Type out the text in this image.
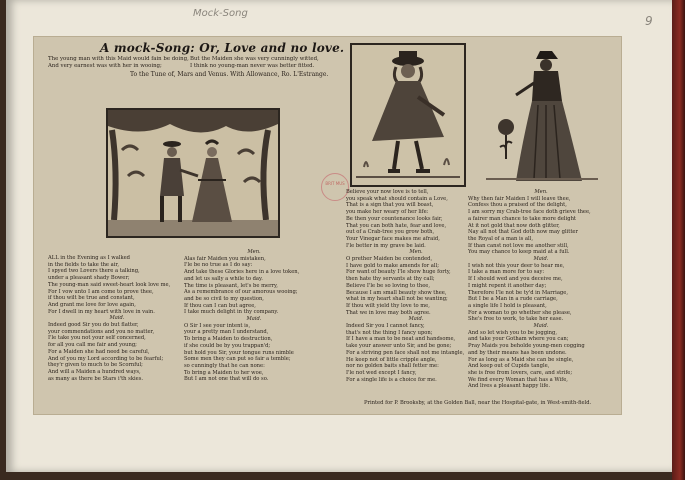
Mock-Song
9
A mock-Song: Or, Love and no love.
The young man with this Maid would fain be doing,
And very earnest was with her in wooing;
But the Maiden she was very cunningly witted,
I think no young-man never was better fitted.
To the Tune of, Mars and Venus. With Allowance, Ro. L'Estrange.
BRIT MUS
ALL in the Evening as I walked
in the fields to take the air,
I spyed two Lovers there a talking,
under a pleasant shady Bower;
The young-man said sweet-heart look love me,
For I vow unto I am come to prove thee,
if thou wilt be true and constant,
And grant me love for love again,
For I dwell in my heart with love in vain.
Maid.
Indeed good Sir you do but flatter,
your commendations and you no matter,
I'le take you not your self concerned,
for all you call me fair and young;
For a Maiden she had need be careful,
And of you my Lord according to be fearful;
they'r given to much to be Scornful;
And will a Maiden a hundred ways,
as many as there be Stars i'th skies.
Men.
Alas fair Maiden you mistaken,
I'le be no true as I do say:
And take these Glories here in a love token,
and let us sally a while to day.
The time is pleasant, let's be merry,
As a remembrance of our amorous wooing;
and be so civil to my question,
If thou can I can but agree,
I take much delight in thy company.
Maid.
O Sir I see your intent is,
your a pretty man I understand,
To bring a Maiden to destruction,
if she could be by you trappan'd;
but hold you Sir, your tongue runs nimble
Some men they can put so fair a temble;
so cunningly that he can none:
To bring a Maiden to her woe,
But I am not one that will do so.
Believe your now love is to tell,
you speak what should contain a Love,
That is a sign that you will boast,
you make her weary of her life:
Be then your countenance looks fair,
That you can both hate, fear and love,
out of a Crab-tree you grow both,
Your Vinegar face makes me afraid,
I'le better in my grave be laid.
Men.
O prether Maiden be contended,
I have gold to make amends for all;
For want of beauty I'le show huge forty,
then hate thy servants at thy call;
Believe I'le be so loving to thee,
Because I am small beauty show thee,
what in my heart shall not be wanting;
If thou wilt yield thy love to me,
That we in love may both agree.
Maid.
Indeed Sir you I cannot fancy,
that's not the thing I fancy upon;
If I have a man to be neat and handsome,
take your answer unto Sir, and be gone;
For a striving pen face shall not me intangle,
He keep not of little cripple angle,
nor no golden baits shall fetter me:
I'le not wed except I fancy,
For a single life is a choice for me.
Men.
Why then fair Maiden I will leave thee,
Confess thou a praised of the delight,
I am sorry my Crab-tree face doth grieve thee,
a fairer man chance to take more delight
At it not gold that now doth glitter,
Nay all not that God doth now may glitter
the Royal of a man is all,
If than canst not love me another still,
You may chance to keep maid at a full.
Maid.
I wish not this your deer to hear me,
I take a man more for to say:
If I should wed and you deceive me,
I might repent it another day;
Therefore I'le not be ty'd in Marriage,
But I be a Man in a rude carriage,
a single life I hold is pleasant,
For a woman to go whether she please,
She's free to work, to take her ease.
Maid.
And so let wish you to be jogging,
and take your Gotham where you can;
Pray Maids you beholde young-men cogging
and by their means has been undone.
For as long as a Maid she can be single,
And keep out of Cupids tangle,
she is free from lovers, care, and strife;
We find every Woman that has a Wife,
And lives a pleasant happy life.
Printed for P. Brooksby, at the Golden Ball, near the Hospital-gate, in West-smith-field.
